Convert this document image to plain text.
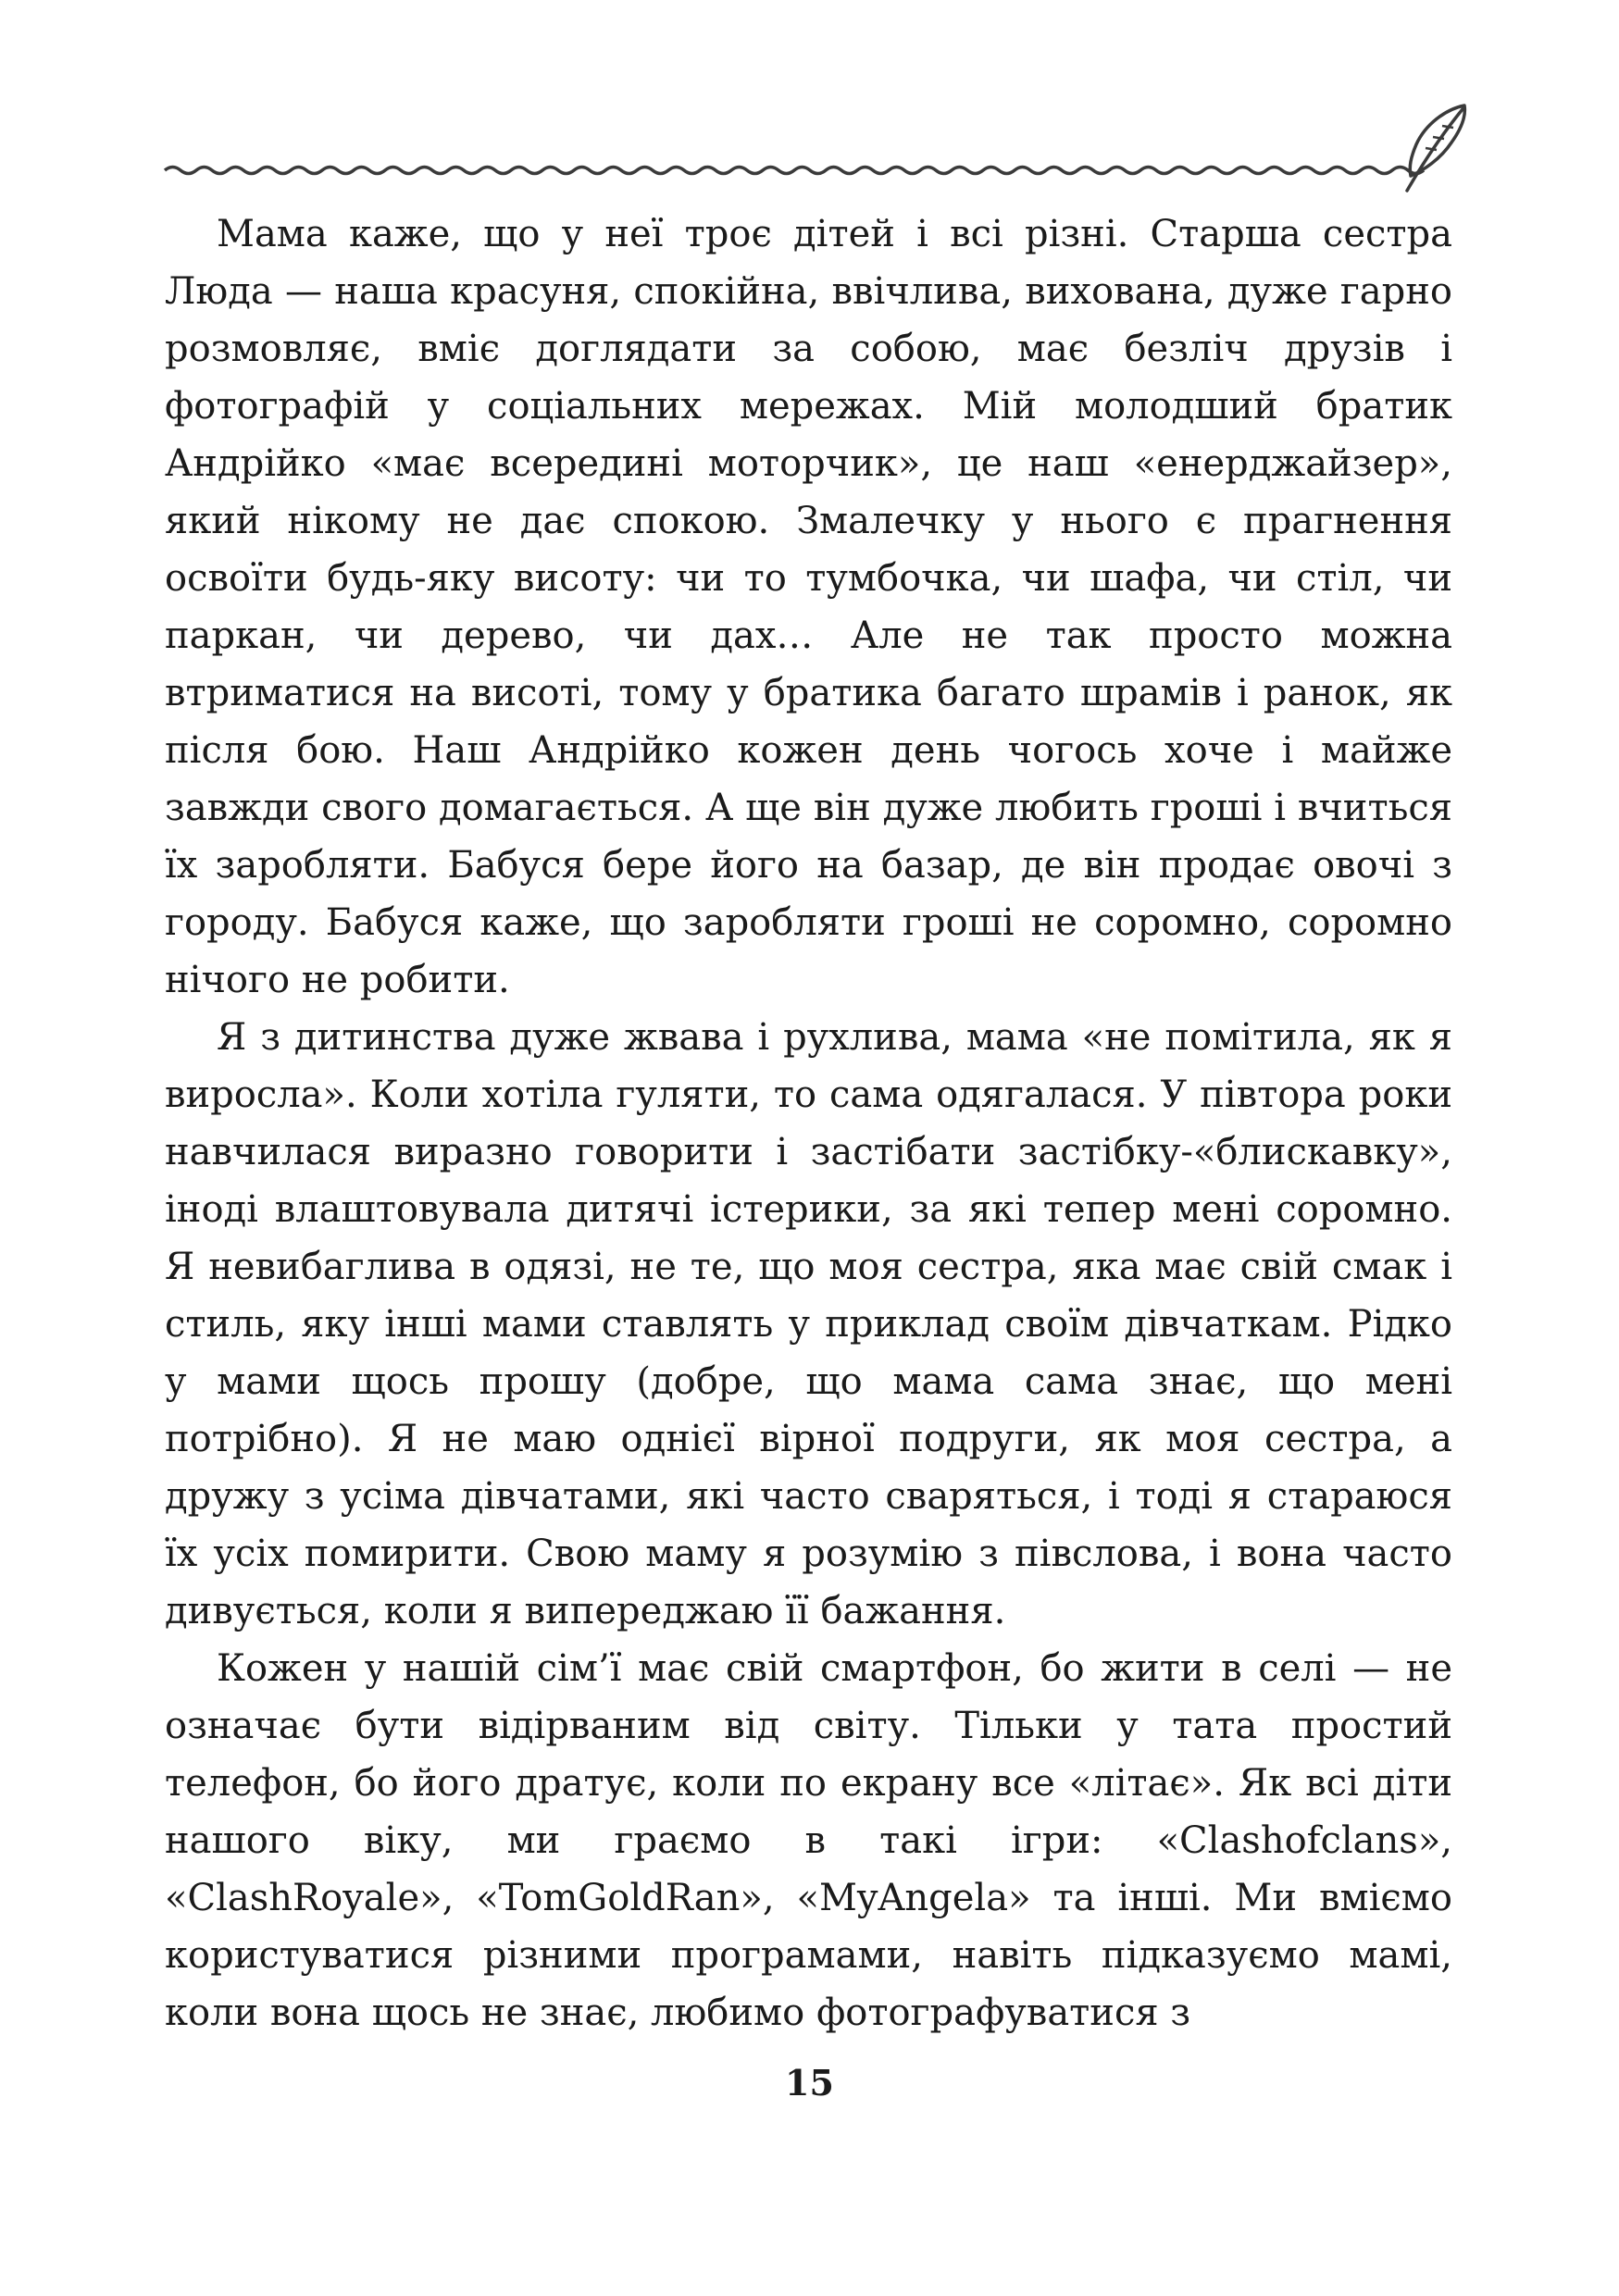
Мама каже, що у неї троє дітей і всі різні. Старша сестра Люда — наша красуня, спокійна, ввічлива, вихована, дуже гарно розмовляє, вміє доглядати за собою, має безліч друзів і фотографій у соціальних мережах. Мій молодший братик Андрійко «має всередині моторчик», це наш «енерджайзер», який нікому не дає спокою. Змалечку у нього є прагнення освоїти будь-яку висоту: чи то тумбочка, чи шафа, чи стіл, чи паркан, чи дерево, чи дах… Але не так просто можна втриматися на висоті, тому у братика багато шрамів і ранок, як після бою. Наш Андрійко кожен день чогось хоче і майже завжди свого домагається. А ще він дуже любить гроші і вчиться їх заробляти. Бабуся бере його на базар, де він продає овочі з городу. Бабуся каже, що заробляти гроші не соромно, соромно нічого не робити.

Я з дитинства дуже жвава і рухлива, мама «не помітила, як я виросла». Коли хотіла гуляти, то сама одягалася. У півтора роки навчилася виразно говорити і застібати застібку-«блискавку», іноді влаштовувала дитячі істерики, за які тепер мені соромно. Я невибаглива в одязі, не те, що моя сестра, яка має свій смак і стиль, яку інші мами ставлять у приклад своїм дівчаткам. Рідко у мами щось прошу (добре, що мама сама знає, що мені потрібно). Я не маю однієї вірної подруги, як моя сестра, а дружу з усіма дівчатами, які часто сваряться, і тоді я стараюся їх усіх помирити. Свою маму я розумію з півслова, і вона часто дивується, коли я випереджаю її бажання.

Кожен у нашій сім’ї має свій смартфон, бо жити в селі — не означає бути відірваним від світу. Тільки у тата простий телефон, бо його дратує, коли по екрану все «літає». Як всі діти нашого віку, ми граємо в такі ігри: «Clashofclans», «ClashRoyale», «TomGoldRan», «MyAngela» та інші. Ми вміємо користуватися різними програмами, навіть підказуємо мамі, коли вона щось не знає, любимо фотографуватися з

15
